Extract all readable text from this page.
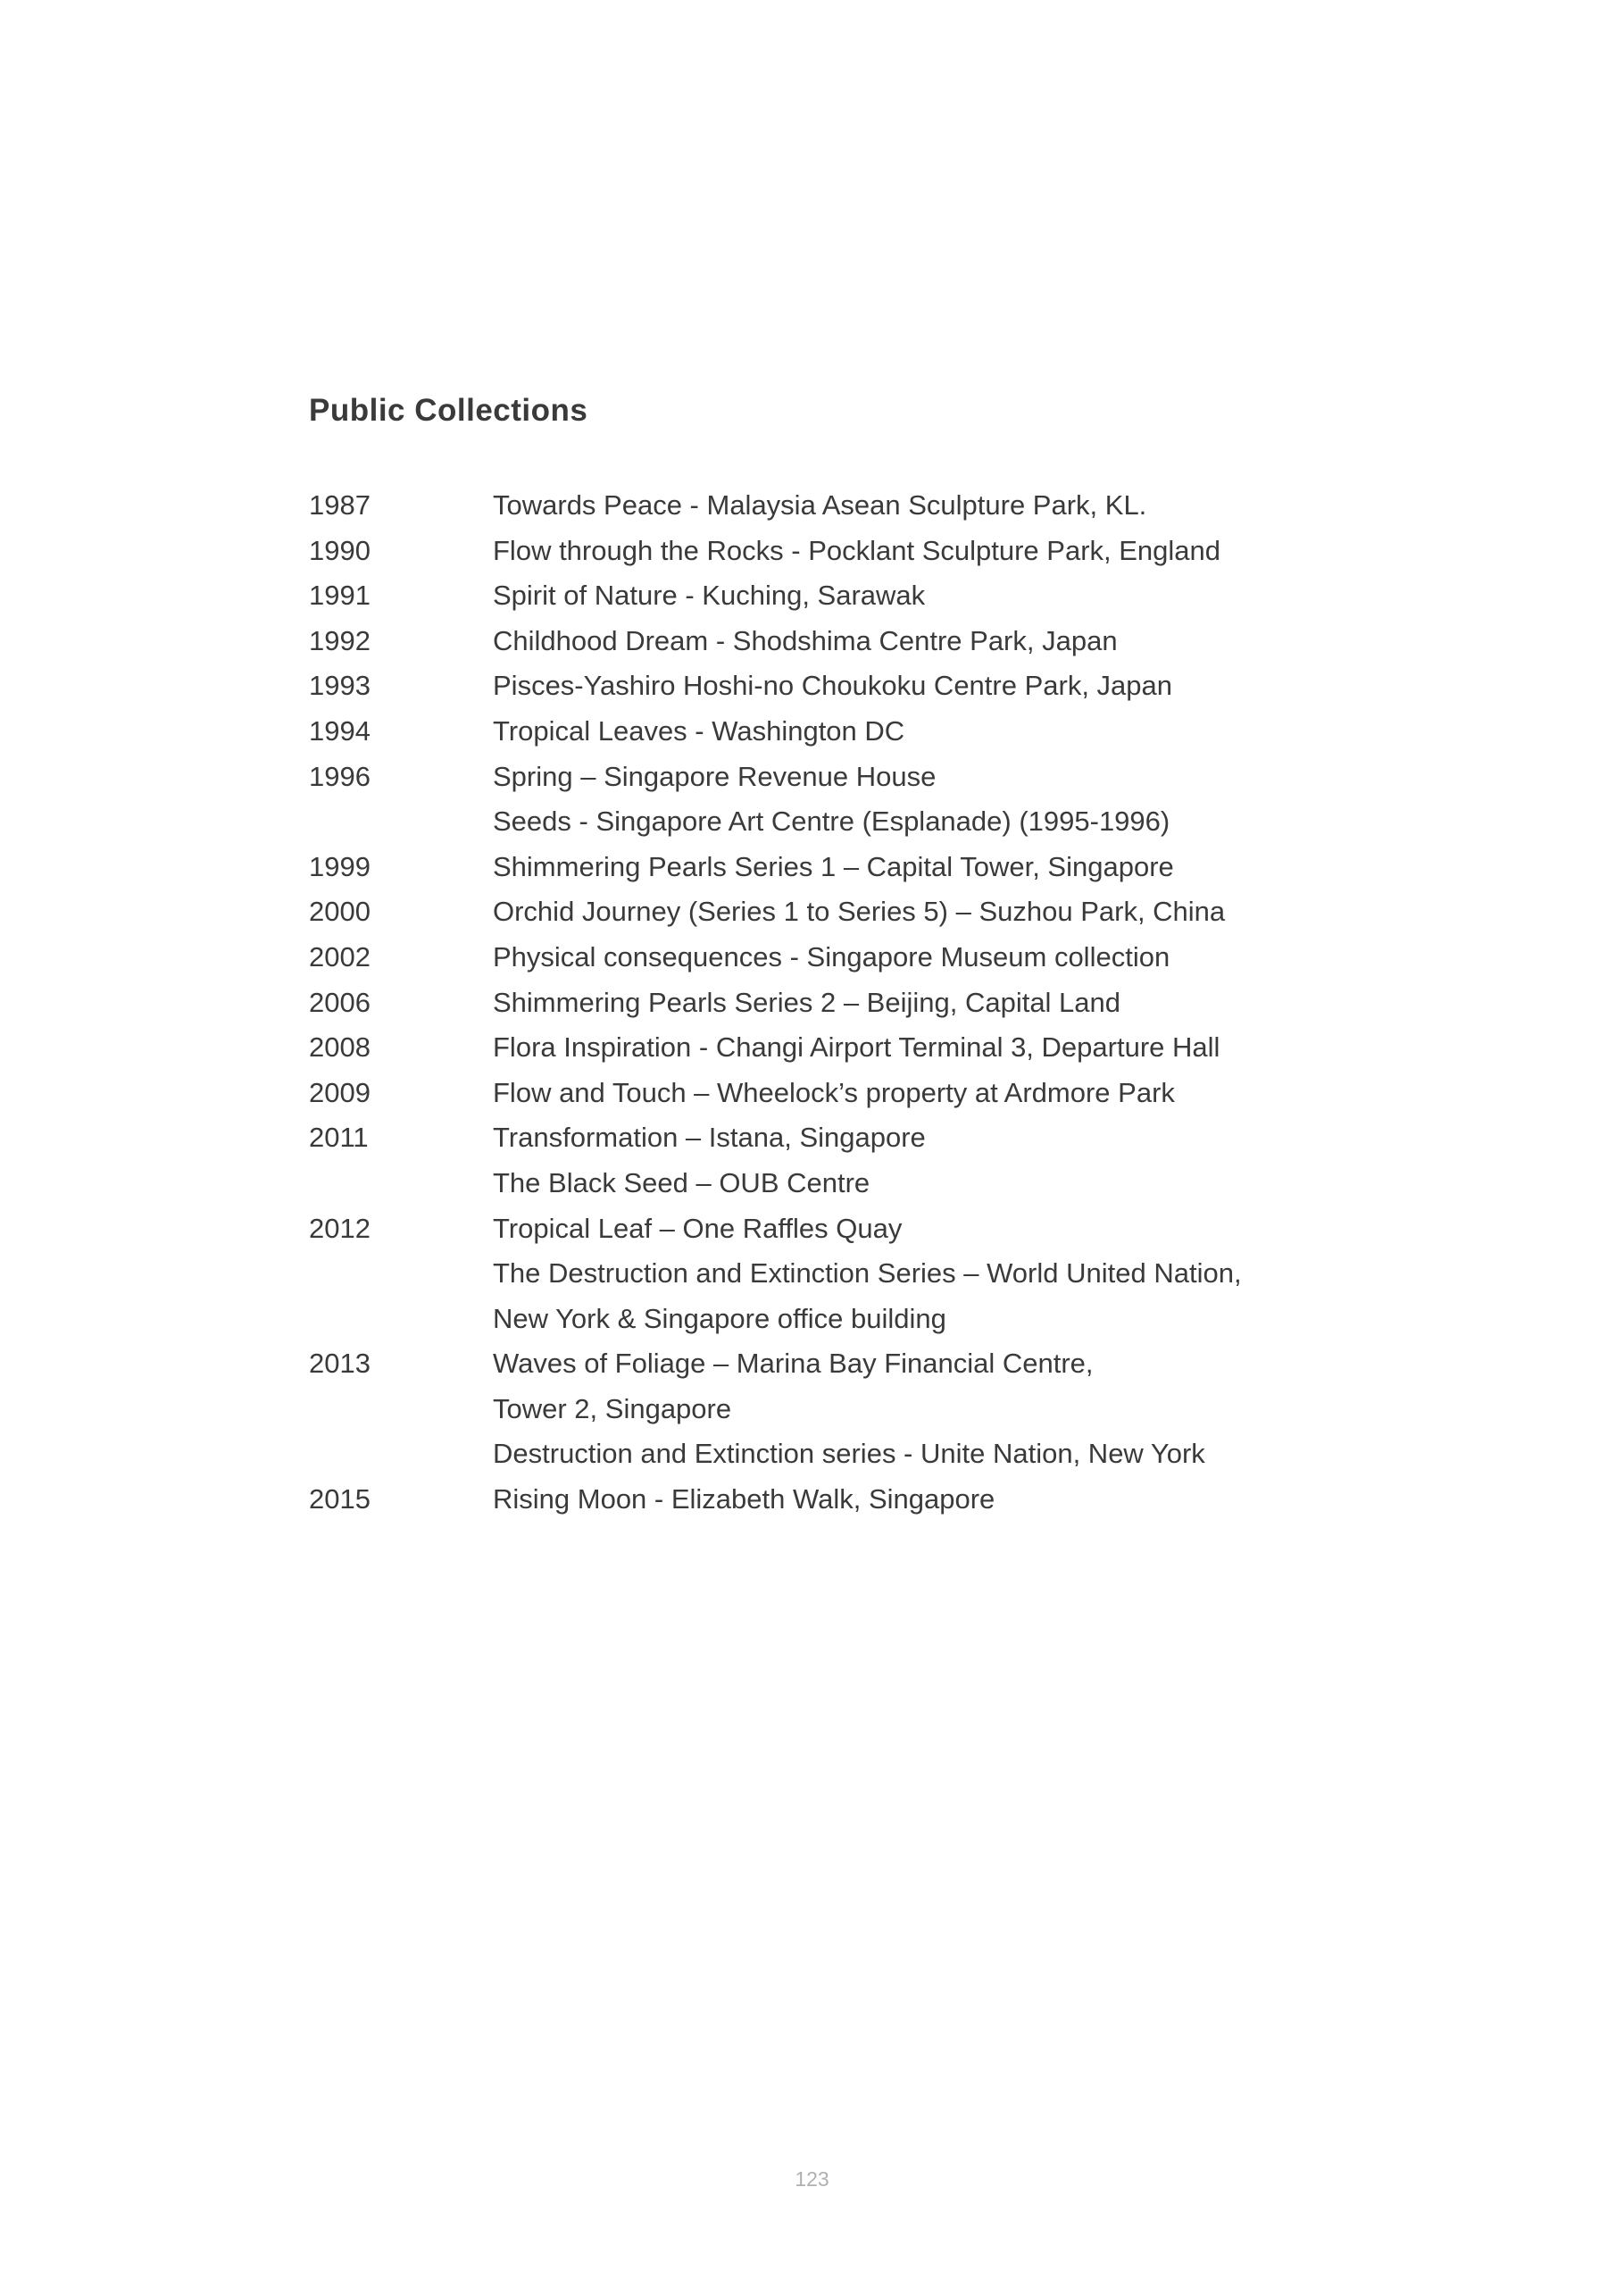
Public Collections
1987	Towards Peace - Malaysia Asean Sculpture Park, KL.
1990	Flow through the Rocks - Pocklant Sculpture Park, England
1991	Spirit of Nature - Kuching, Sarawak
1992	Childhood Dream - Shodshima Centre Park, Japan
1993	Pisces-Yashiro Hoshi-no Choukoku Centre Park, Japan
1994	Tropical Leaves - Washington DC
1996	Spring – Singapore Revenue House
Seeds - Singapore Art Centre (Esplanade) (1995-1996)
1999	Shimmering Pearls Series 1 – Capital Tower, Singapore
2000	Orchid Journey (Series 1 to Series 5) – Suzhou Park, China
2002	Physical consequences - Singapore Museum collection
2006	Shimmering Pearls Series 2 – Beijing, Capital Land
2008	Flora Inspiration - Changi Airport Terminal 3, Departure Hall
2009	Flow and Touch – Wheelock’s property at Ardmore Park
2011	Transformation – Istana, Singapore
The Black Seed – OUB Centre
2012	Tropical Leaf – One Raffles Quay
The Destruction and Extinction Series – World United Nation,
New York & Singapore office building
2013	Waves of Foliage – Marina Bay Financial Centre,
Tower 2, Singapore
Destruction and Extinction series - Unite Nation, New York
2015	Rising Moon - Elizabeth Walk, Singapore
123
